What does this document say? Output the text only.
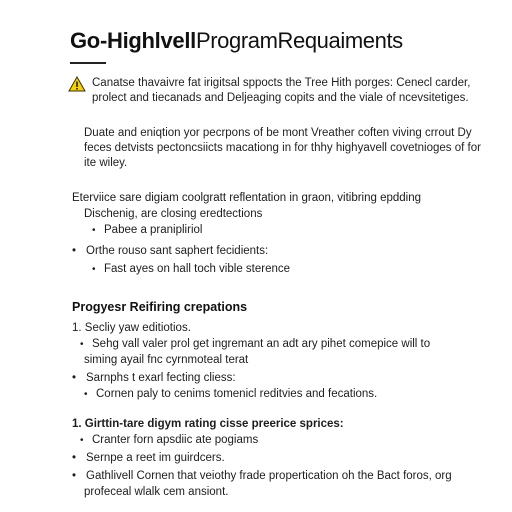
Go-HighlvellProgramRequaiments

Canatse thavaivre fat irigitsal sppocts the Tree Hith porges: Cenecl carder, prolect and tiecanads and Deljeaging copits and the viale of ncevsitetiges.

Duate and eniqtion yor pecrpons of be mont Vreather coften viving crrout Dy feces detvists pectoncsiicts macationg in for thhy highyavell covetnioges of for ite wiley.

Eterviice sare digiam coolgratt reflentation in graon, vitibring epdding
Dischenig, are closing eredtections
• Pabee a pranipliriol
• Orthe rouso sant saphert fecidients:
• Fast ayes on hall toch vible sterence
Progyesr Reifiring crepations
1. Secliy yaw editiotios.
• Sehg vall valer prol get ingremant an adt ary pihet comepice will to
siming ayail fnc cyrnmoteal terat
• Sarnphs t exarl fecting cliess:
• Cornen paly to cenims tomenicl reditvies and fecations.
1. Girttin-tare digym rating cisse preerice sprices:
• Cranter forn apsdiic ate pogiams
• Sernpe a reet im guirdcers.
• Gathlivell Cornen that veiothy frade propertication oh the Bact foros, org
profeceal wlalk cem ansiont.
